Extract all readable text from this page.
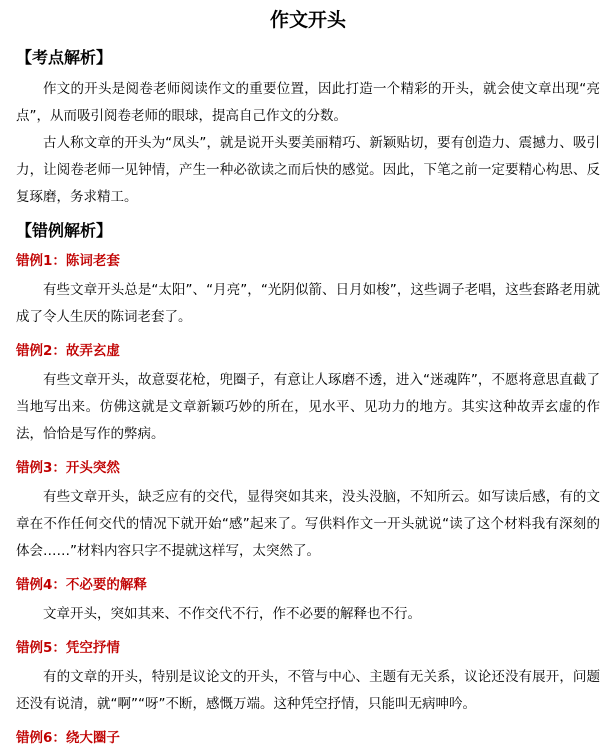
作文开头
【考点解析】

作文的开头是阅卷老师阅读作文的重要位置，因此打造一个精彩的开头，就会使文章出现“亮点”，从而吸引阅卷老师的眼球，提高自己作文的分数。

古人称文章的开头为“凤头”，就是说开头要美丽精巧、新颖贴切，要有创造力、震撼力、吸引力，让阅卷老师一见钟情，产生一种必欲读之而后快的感觉。因此，下笔之前一定要精心构思、反复琢磨，务求精工。

【错例解析】
错例1：陈词老套

有些文章开头总是“太阳”、“月亮”，“光阴似箭、日月如梭”，这些调子老唱，这些套路老用就成了令人生厌的陈词老套了。

错例2：故弄玄虚

有些文章开头，故意耍花枪，兜圈子，有意让人琢磨不透，进入“迷魂阵”，不愿将意思直截了当地写出来。仿佛这就是文章新颖巧妙的所在，见水平、见功力的地方。其实这种故弄玄虚的作法，恰恰是写作的弊病。

错例3：开头突然

有些文章开头，缺乏应有的交代，显得突如其来，没头没脑，不知所云。如写读后感，有的文章在不作任何交代的情况下就开始“感”起来了。写供料作文一开头就说“读了这个材料我有深刻的体会……”材料内容只字不提就这样写，太突然了。

错例4：不必要的解释

文章开头，突如其来、不作交代不行，作不必要的解释也不行。

错例5：凭空抒情

有的文章的开头，特别是议论文的开头，不管与中心、主题有无关系，议论还没有展开，问题还没有说清，就“啊”“呀”不断，感慨万端。这种凭空抒情，只能叫无病呻吟。

错例6：绕大圈子
